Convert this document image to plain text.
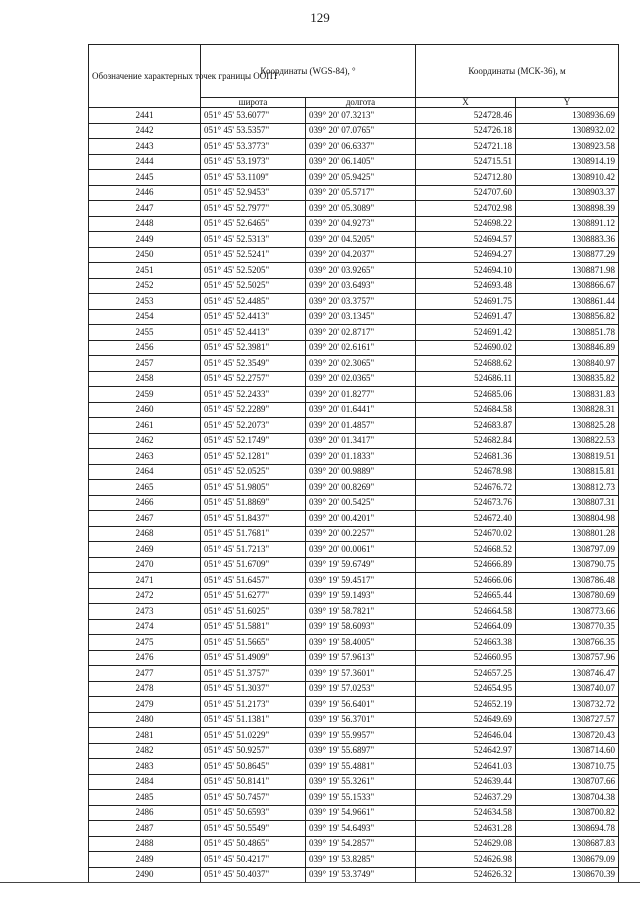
129
Обозначение характерных точек границы ООПТ	Координаты (WGS-84), °		Координаты (МСК-36), м	
	широта	долгота	X	Y
2441	051° 45' 53.6077"	039° 20' 07.3213"	524728.46	1308936.69
2442	051° 45' 53.5357"	039° 20' 07.0765"	524726.18	1308932.02
2443	051° 45' 53.3773"	039° 20' 06.6337"	524721.18	1308923.58
2444	051° 45' 53.1973"	039° 20' 06.1405"	524715.51	1308914.19
2445	051° 45' 53.1109"	039° 20' 05.9425"	524712.80	1308910.42
2446	051° 45' 52.9453"	039° 20' 05.5717"	524707.60	1308903.37
2447	051° 45' 52.7977"	039° 20' 05.3089"	524702.98	1308898.39
2448	051° 45' 52.6465"	039° 20' 04.9273"	524698.22	1308891.12
2449	051° 45' 52.5313"	039° 20' 04.5205"	524694.57	1308883.36
2450	051° 45' 52.5241"	039° 20' 04.2037"	524694.27	1308877.29
2451	051° 45' 52.5205"	039° 20' 03.9265"	524694.10	1308871.98
2452	051° 45' 52.5025"	039° 20' 03.6493"	524693.48	1308866.67
2453	051° 45' 52.4485"	039° 20' 03.3757"	524691.75	1308861.44
2454	051° 45' 52.4413"	039° 20' 03.1345"	524691.47	1308856.82
2455	051° 45' 52.4413"	039° 20' 02.8717"	524691.42	1308851.78
2456	051° 45' 52.3981"	039° 20' 02.6161"	524690.02	1308846.89
2457	051° 45' 52.3549"	039° 20' 02.3065"	524688.62	1308840.97
2458	051° 45' 52.2757"	039° 20' 02.0365"	524686.11	1308835.82
2459	051° 45' 52.2433"	039° 20' 01.8277"	524685.06	1308831.83
2460	051° 45' 52.2289"	039° 20' 01.6441"	524684.58	1308828.31
2461	051° 45' 52.2073"	039° 20' 01.4857"	524683.87	1308825.28
2462	051° 45' 52.1749"	039° 20' 01.3417"	524682.84	1308822.53
2463	051° 45' 52.1281"	039° 20' 01.1833"	524681.36	1308819.51
2464	051° 45' 52.0525"	039° 20' 00.9889"	524678.98	1308815.81
2465	051° 45' 51.9805"	039° 20' 00.8269"	524676.72	1308812.73
2466	051° 45' 51.8869"	039° 20' 00.5425"	524673.76	1308807.31
2467	051° 45' 51.8437"	039° 20' 00.4201"	524672.40	1308804.98
2468	051° 45' 51.7681"	039° 20' 00.2257"	524670.02	1308801.28
2469	051° 45' 51.7213"	039° 20' 00.0061"	524668.52	1308797.09
2470	051° 45' 51.6709"	039° 19' 59.6749"	524666.89	1308790.75
2471	051° 45' 51.6457"	039° 19' 59.4517"	524666.06	1308786.48
2472	051° 45' 51.6277"	039° 19' 59.1493"	524665.44	1308780.69
2473	051° 45' 51.6025"	039° 19' 58.7821"	524664.58	1308773.66
2474	051° 45' 51.5881"	039° 19' 58.6093"	524664.09	1308770.35
2475	051° 45' 51.5665"	039° 19' 58.4005"	524663.38	1308766.35
2476	051° 45' 51.4909"	039° 19' 57.9613"	524660.95	1308757.96
2477	051° 45' 51.3757"	039° 19' 57.3601"	524657.25	1308746.47
2478	051° 45' 51.3037"	039° 19' 57.0253"	524654.95	1308740.07
2479	051° 45' 51.2173"	039° 19' 56.6401"	524652.19	1308732.72
2480	051° 45' 51.1381"	039° 19' 56.3701"	524649.69	1308727.57
2481	051° 45' 51.0229"	039° 19' 55.9957"	524646.04	1308720.43
2482	051° 45' 50.9257"	039° 19' 55.6897"	524642.97	1308714.60
2483	051° 45' 50.8645"	039° 19' 55.4881"	524641.03	1308710.75
2484	051° 45' 50.8141"	039° 19' 55.3261"	524639.44	1308707.66
2485	051° 45' 50.7457"	039° 19' 55.1533"	524637.29	1308704.38
2486	051° 45' 50.6593"	039° 19' 54.9661"	524634.58	1308700.82
2487	051° 45' 50.5549"	039° 19' 54.6493"	524631.28	1308694.78
2488	051° 45' 50.4865"	039° 19' 54.2857"	524629.08	1308687.83
2489	051° 45' 50.4217"	039° 19' 53.8285"	524626.98	1308679.09
2490	051° 45' 50.4037"	039° 19' 53.3749"	524626.32	1308670.39
